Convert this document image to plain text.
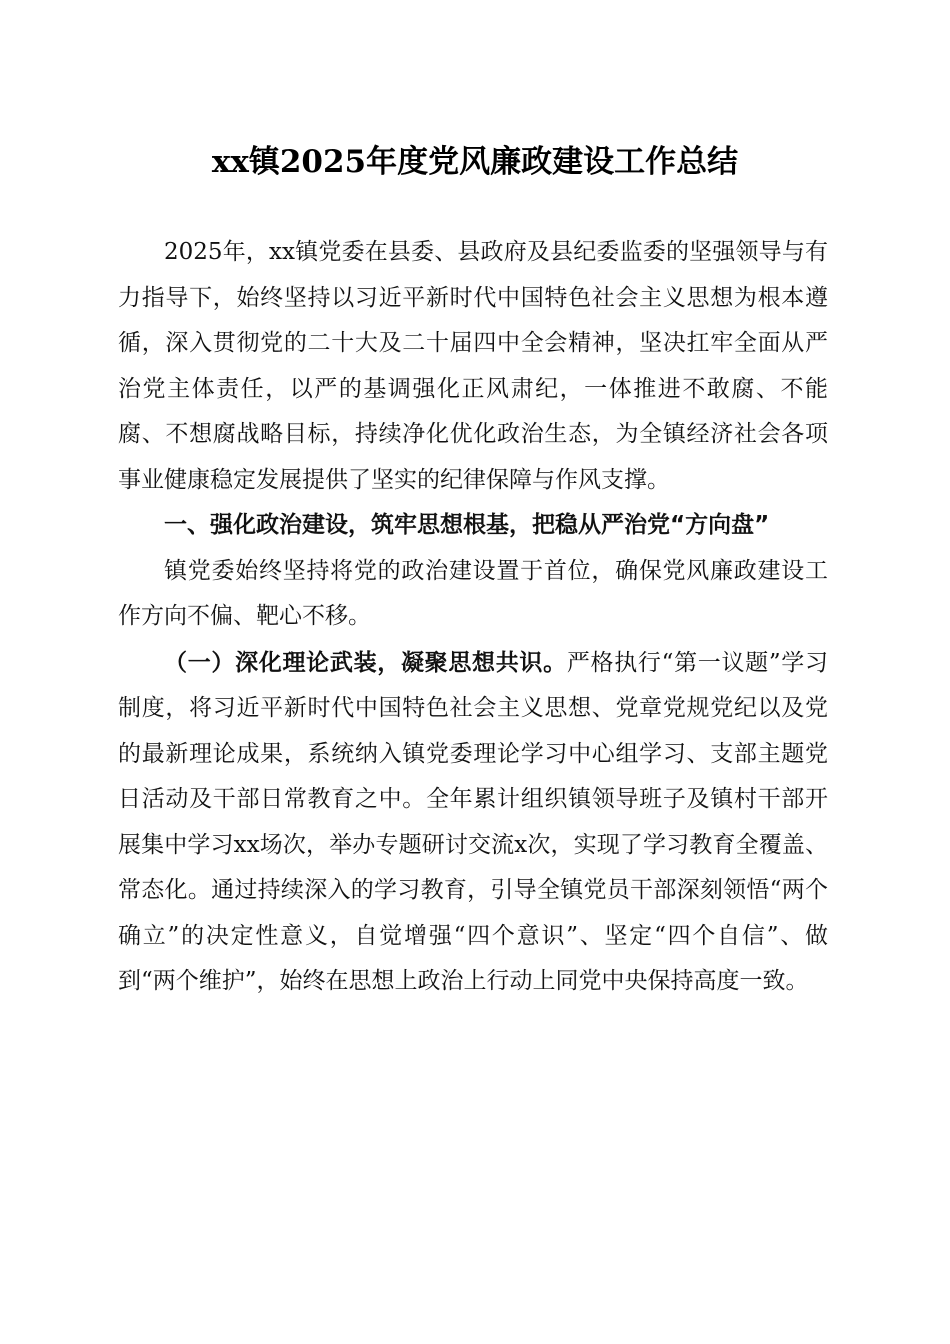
xx镇2025年度党风廉政建设工作总结

2025年，xx镇党委在县委、县政府及县纪委监委的坚强领导与有力指导下，始终坚持以习近平新时代中国特色社会主义思想为根本遵循，深入贯彻党的二十大及二十届四中全会精神，坚决扛牢全面从严治党主体责任，以严的基调强化正风肃纪，一体推进不敢腐、不能腐、不想腐战略目标，持续净化优化政治生态，为全镇经济社会各项事业健康稳定发展提供了坚实的纪律保障与作风支撑。

一、强化政治建设，筑牢思想根基，把稳从严治党“方向盘”

镇党委始终坚持将党的政治建设置于首位，确保党风廉政建设工作方向不偏、靶心不移。

（一）深化理论武装，凝聚思想共识。严格执行“第一议题”学习制度，将习近平新时代中国特色社会主义思想、党章党规党纪以及党的最新理论成果，系统纳入镇党委理论学习中心组学习、支部主题党日活动及干部日常教育之中。全年累计组织镇领导班子及镇村干部开展集中学习xx场次，举办专题研讨交流x次，实现了学习教育全覆盖、常态化。通过持续深入的学习教育，引导全镇党员干部深刻领悟“两个确立”的决定性意义，自觉增强“四个意识”、坚定“四个自信”、做到“两个维护”，始终在思想上政治上行动上同党中央保持高度一致。
